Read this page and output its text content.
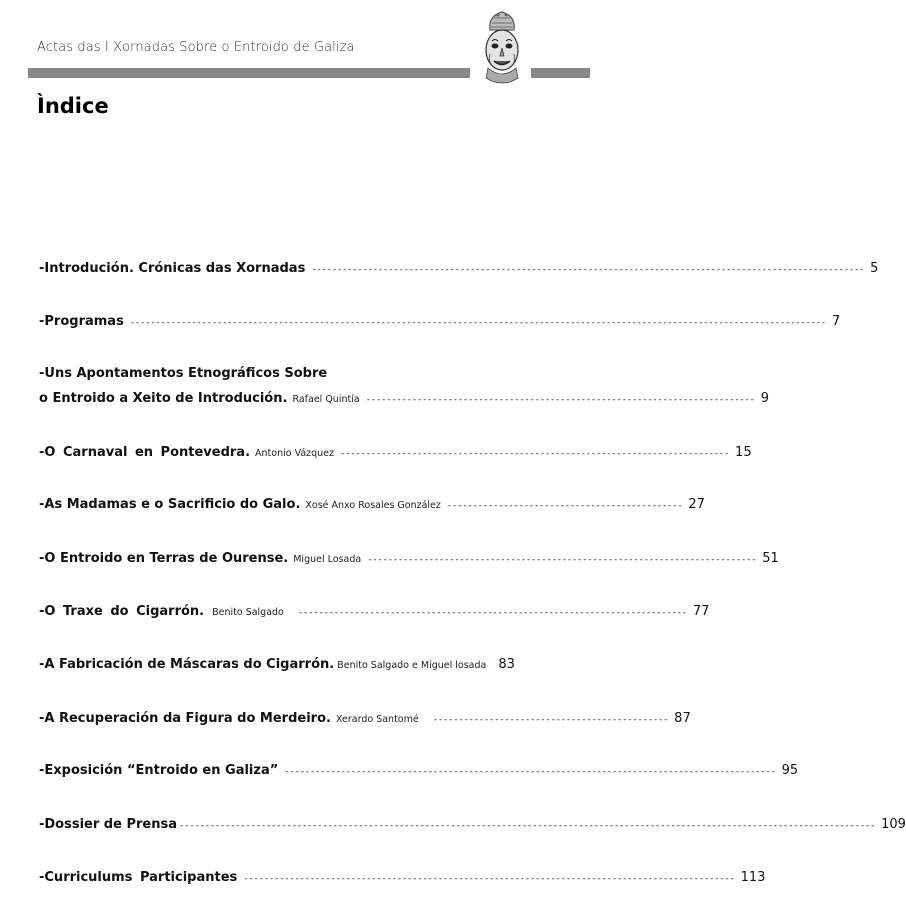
Actas das I Xornadas Sobre o Entroido de Galiza
Ìndice
-Introdución. Crónicas das Xornadas ------------------------------------------------------------------------------------------------------------ 5
-Programas ---------------------------------------------------------------------------------------------------------------------------------------- 7
-Uns Apontamentos Etnográficos Sobre
o Entroido a Xeito de Introdución. Rafael Quintía ---------------------------------------------------------------------------- 9
-O Carnaval en Pontevedra. Antonio Vázquez ---------------------------------------------------------------------------- 15
-As Madamas e o Sacrificio do Galo. Xosé Anxo Rosales González ---------------------------------------------- 27
-O Entroido en Terras de Ourense. Miguel Losada ---------------------------------------------------------------------------- 51
-O Traxe do Cigarrón. Benito Salgado ---------------------------------------------------------------------------- 77
-A Fabricación de Máscaras do Cigarrón. Benito Salgado e Miguel losada 83
-A Recuperación da Figura do Merdeiro. Xerardo Santomé ---------------------------------------------- 87
-Exposición “Entroido en Galiza” ------------------------------------------------------------------------------------------------ 95
-Dossier de Prensa ---------------------------------------------------------------------------------------------------------------------------------------- 109
-Curriculums Participantes ------------------------------------------------------------------------------------------------ 113
